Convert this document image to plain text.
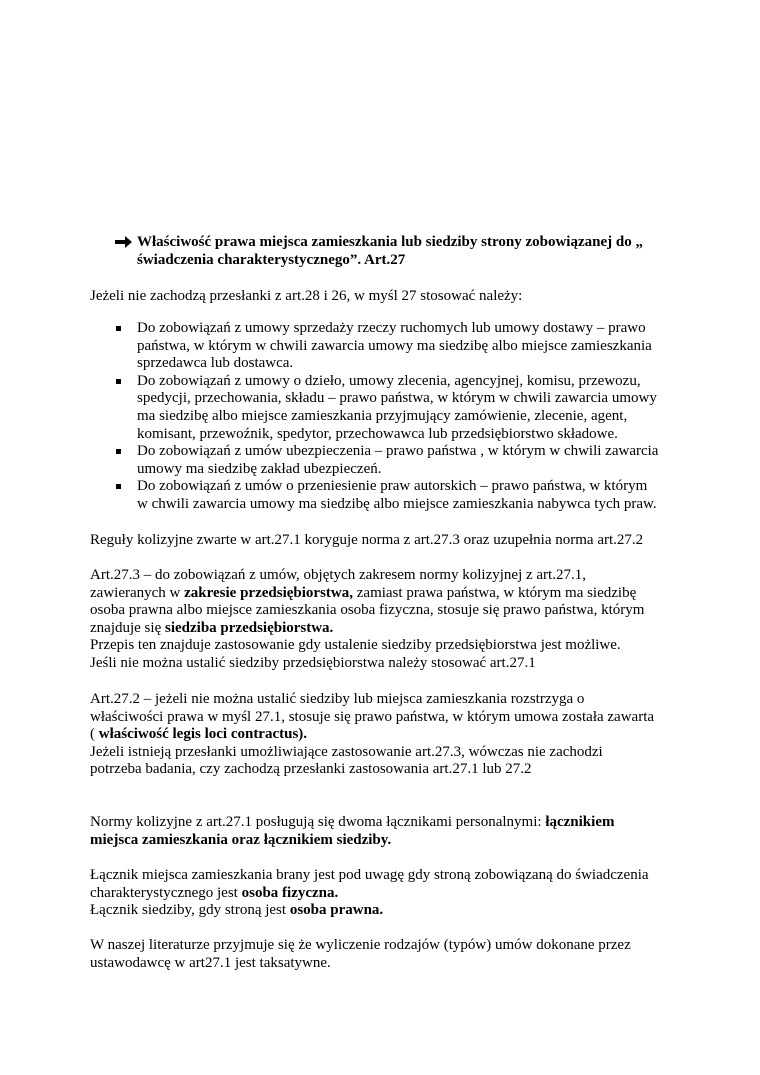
Właściwość prawa miejsca zamieszkania lub siedziby strony zobowiązanej do „
świadczenia charakterystycznego”. Art.27
Jeżeli nie zachodzą przesłanki z art.28 i 26, w myśl 27 stosować należy:
Do zobowiązań z umowy sprzedaży rzeczy ruchomych lub umowy dostawy – prawo
państwa, w którym w chwili zawarcia umowy ma siedzibę albo miejsce zamieszkania
sprzedawca lub dostawca.
Do zobowiązań z umowy o dzieło, umowy zlecenia, agencyjnej, komisu, przewozu,
spedycji, przechowania, składu – prawo państwa, w którym w chwili zawarcia umowy
ma siedzibę albo miejsce zamieszkania przyjmujący zamówienie, zlecenie, agent,
komisant, przewoźnik, spedytor, przechowawca lub przedsiębiorstwo składowe.
Do zobowiązań z umów ubezpieczenia – prawo państwa , w którym w chwili zawarcia
umowy ma siedzibę zakład ubezpieczeń.
Do zobowiązań z umów o przeniesienie praw autorskich – prawo państwa, w którym
w chwili zawarcia umowy ma siedzibę albo miejsce zamieszkania nabywca tych praw.
Reguły kolizyjne zwarte w art.27.1 koryguje norma z art.27.3 oraz uzupełnia norma art.27.2
Art.27.3 – do zobowiązań z umów, objętych zakresem normy kolizyjnej z art.27.1,
zawieranych w zakresie przedsiębiorstwa, zamiast prawa państwa, w którym ma siedzibę
osoba prawna albo miejsce zamieszkania osoba fizyczna, stosuje się prawo państwa, którym
znajduje się siedziba przedsiębiorstwa.
Przepis ten znajduje zastosowanie gdy ustalenie siedziby przedsiębiorstwa jest możliwe.
Jeśli nie można ustalić siedziby przedsiębiorstwa należy stosować art.27.1
Art.27.2 – jeżeli nie można ustalić siedziby lub miejsca zamieszkania rozstrzyga o
właściwości prawa w myśl 27.1, stosuje się prawo państwa, w którym umowa została zawarta
( właściwość legis loci contractus).
Jeżeli istnieją przesłanki umożliwiające zastosowanie art.27.3, wówczas nie zachodzi
potrzeba badania, czy zachodzą przesłanki zastosowania art.27.1 lub 27.2
Normy kolizyjne z art.27.1 posługują się dwoma łącznikami personalnymi: łącznikiem
miejsca zamieszkania oraz łącznikiem siedziby.
Łącznik miejsca zamieszkania brany jest pod uwagę gdy stroną zobowiązaną do świadczenia
charakterystycznego jest osoba fizyczna.
Łącznik siedziby, gdy stroną jest osoba prawna.
W naszej literaturze przyjmuje się że wyliczenie rodzajów (typów) umów dokonane przez
ustawodawcę w art27.1 jest taksatywne.
